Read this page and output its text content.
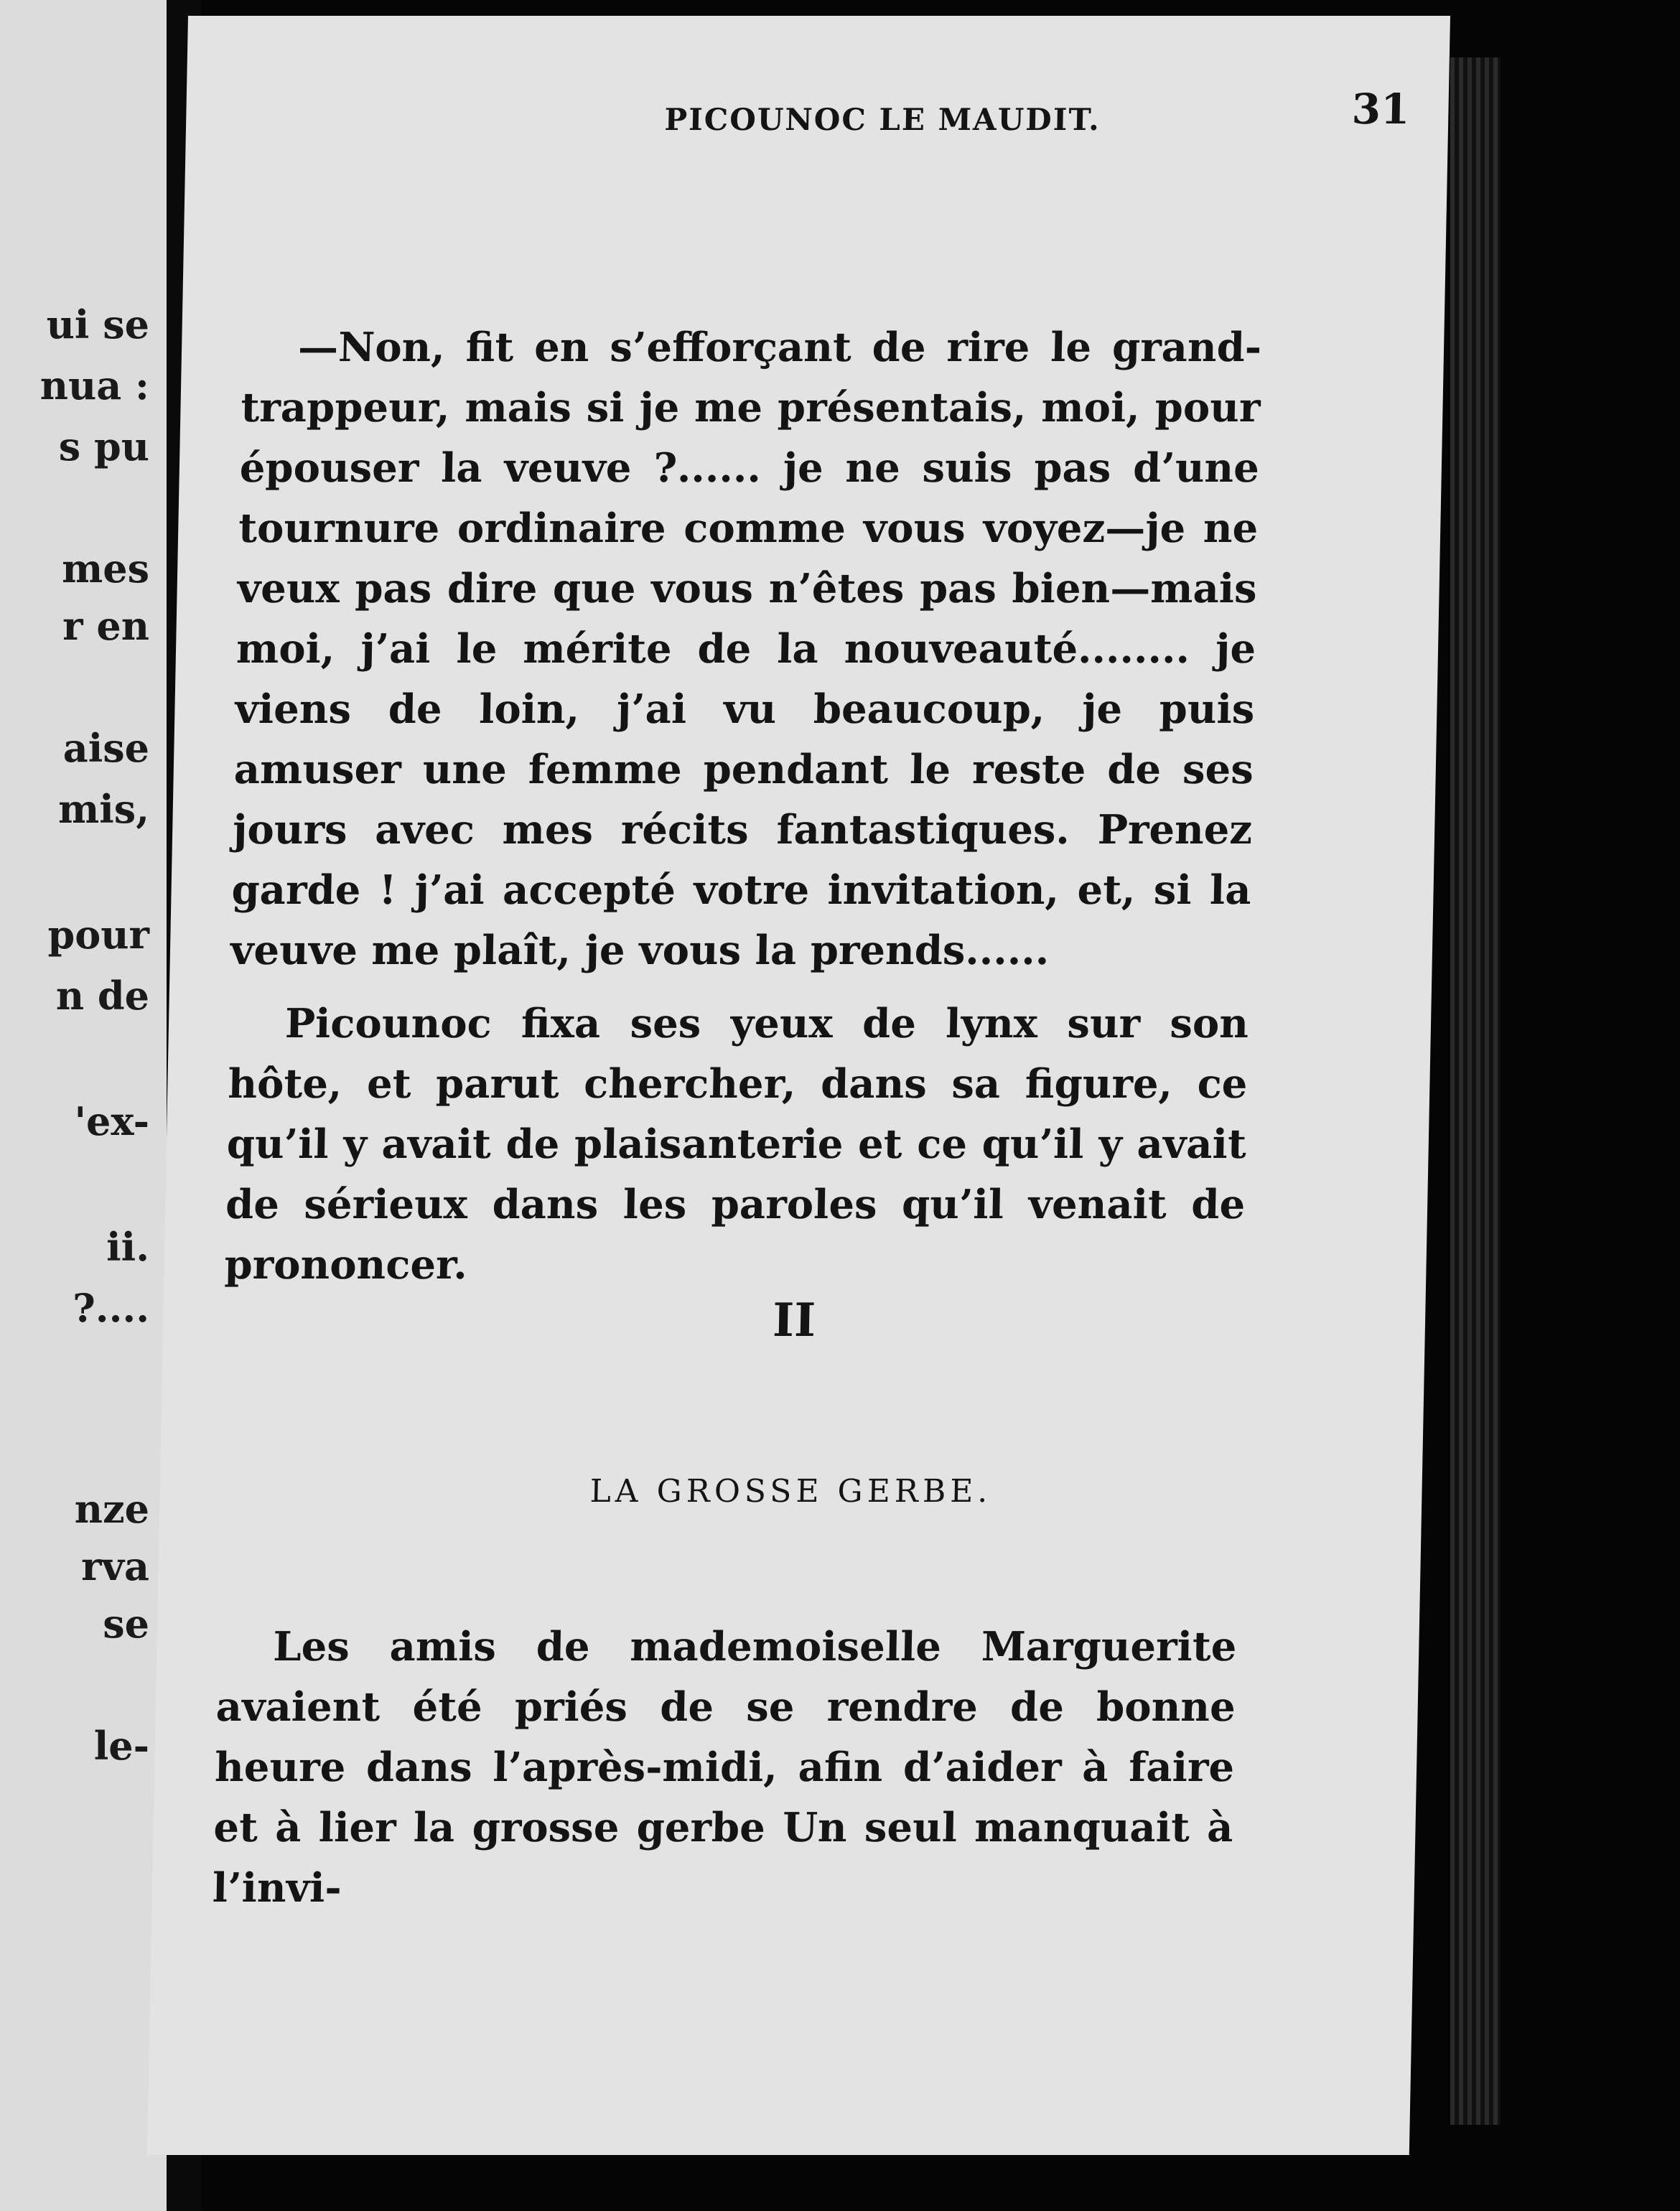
ui se
nua :
s pu
mes
r en
aise
mis,
pour
n de
'ex-
ii.
?....
nze
rva
se
le-
PICOUNOC LE MAUDIT.	31

—Non, fit en s’efforçant de rire le grand-trappeur, mais si je me présentais, moi, pour épouser la veuve ?...... je ne suis pas d’une tournure ordinaire comme vous voyez—je ne veux pas dire que vous n’êtes pas bien—mais moi, j’ai le mérite de la nouveauté........ je viens de loin, j’ai vu beaucoup, je puis amuser une femme pendant le reste de ses jours avec mes récits fantastiques. Prenez garde ! j’ai accepté votre invitation, et, si la veuve me plaît, je vous la prends......

Picounoc fixa ses yeux de lynx sur son hôte, et parut chercher, dans sa figure, ce qu’il y avait de plaisanterie et ce qu’il y avait de sérieux dans les paroles qu’il venait de prononcer.

II
LA GROSSE GERBE.

Les amis de mademoiselle Marguerite avaient été priés de se rendre de bonne heure dans l’après-midi, afin d’aider à faire et à lier la grosse gerbe Un seul manquait à l’invi-
